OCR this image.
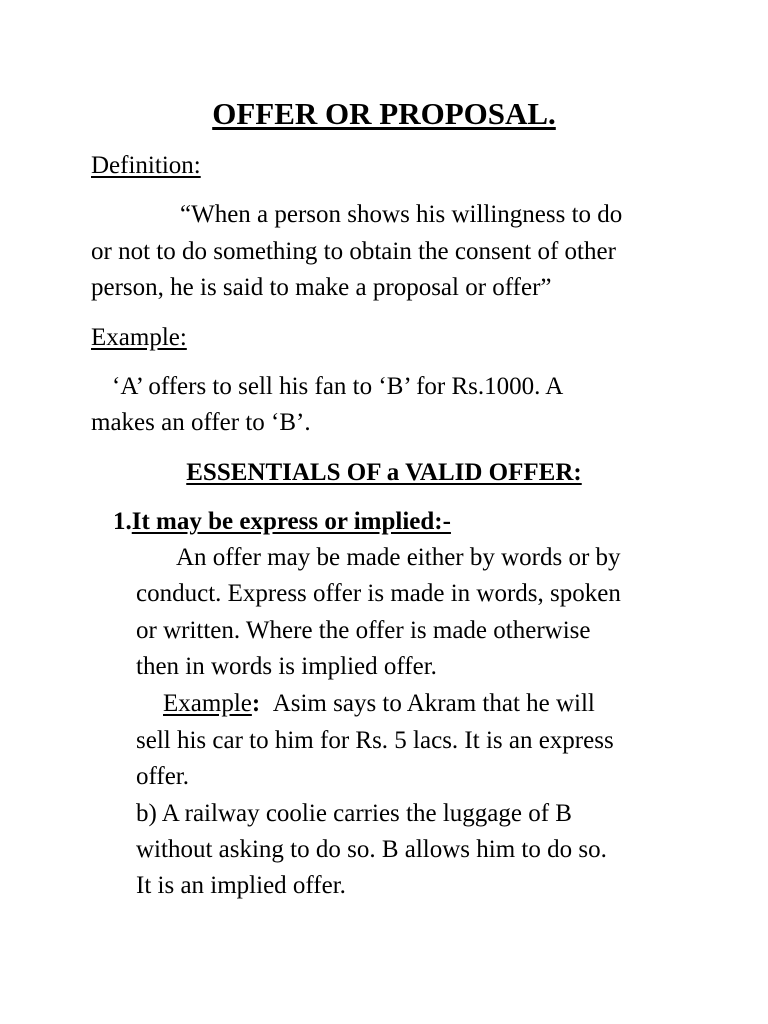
OFFER OR PROPOSAL.
Definition:
“When a person shows his willingness to do
or not to do something to obtain the consent of other
person, he is said to make a proposal or offer”
Example:
‘A’ offers to sell his fan to ‘B’ for Rs.1000. A
makes an offer to ‘B’.
ESSENTIALS OF a VALID OFFER:
1.It may be express or implied:-
An offer may be made either by words or by
conduct. Express offer is made in words, spoken
or written. Where the offer is made otherwise
then in words is implied offer.
Example: Asim says to Akram that he will
sell his car to him for Rs. 5 lacs. It is an express
offer.
b) A railway coolie carries the luggage of B
without asking to do so. B allows him to do so.
It is an implied offer.
